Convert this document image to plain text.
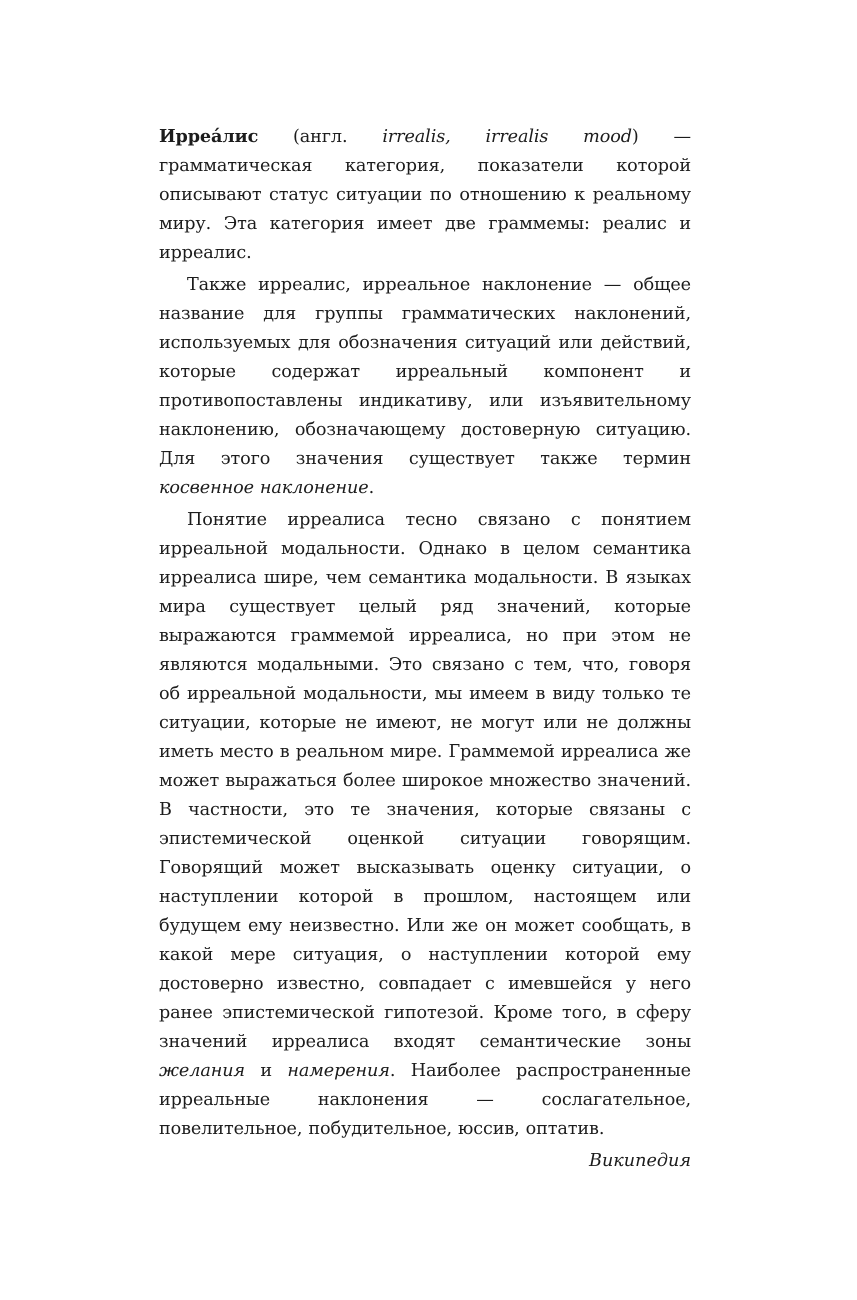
Ирреáлис (англ. irrealis, irrealis mood) — грамматическая категория, показатели которой описывают статус ситуации по отношению к реальному миру. Эта категория имеет две граммемы: реалис и ирреалис.

Также ирреалис, ирреальное наклонение — общее название для группы грамматических наклонений, используемых для обозначения ситуаций или действий, которые содержат ирреальный компонент и противопоставлены индикативу, или изъявительному наклонению, обозначающему достоверную ситуацию. Для этого значения существует также термин косвенное наклонение.

Понятие ирреалиса тесно связано с понятием ирреальной модальности. Однако в целом семантика ирреалиса шире, чем семантика модальности. В языках мира существует целый ряд значений, которые выражаются граммемой ирреалиса, но при этом не являются модальными. Это связано с тем, что, говоря об ирреальной модальности, мы имеем в виду только те ситуации, которые не имеют, не могут или не должны иметь место в реальном мире. Граммемой ирреалиса же может выражаться более широкое множество значений. В частности, это те значения, которые связаны с эпистемической оценкой ситуации говорящим. Говорящий может высказывать оценку ситуации, о наступлении которой в прошлом, настоящем или будущем ему неизвестно. Или же он может сообщать, в какой мере ситуация, о наступлении которой ему достоверно известно, совпадает с имевшейся у него ранее эпистемической гипотезой. Кроме того, в сферу значений ирреалиса входят семантические зоны желания и намерения. Наиболее распространенные ирреальные наклонения — сослагательное, повелительное, побудительное, юссив, оптатив.

Википедия
